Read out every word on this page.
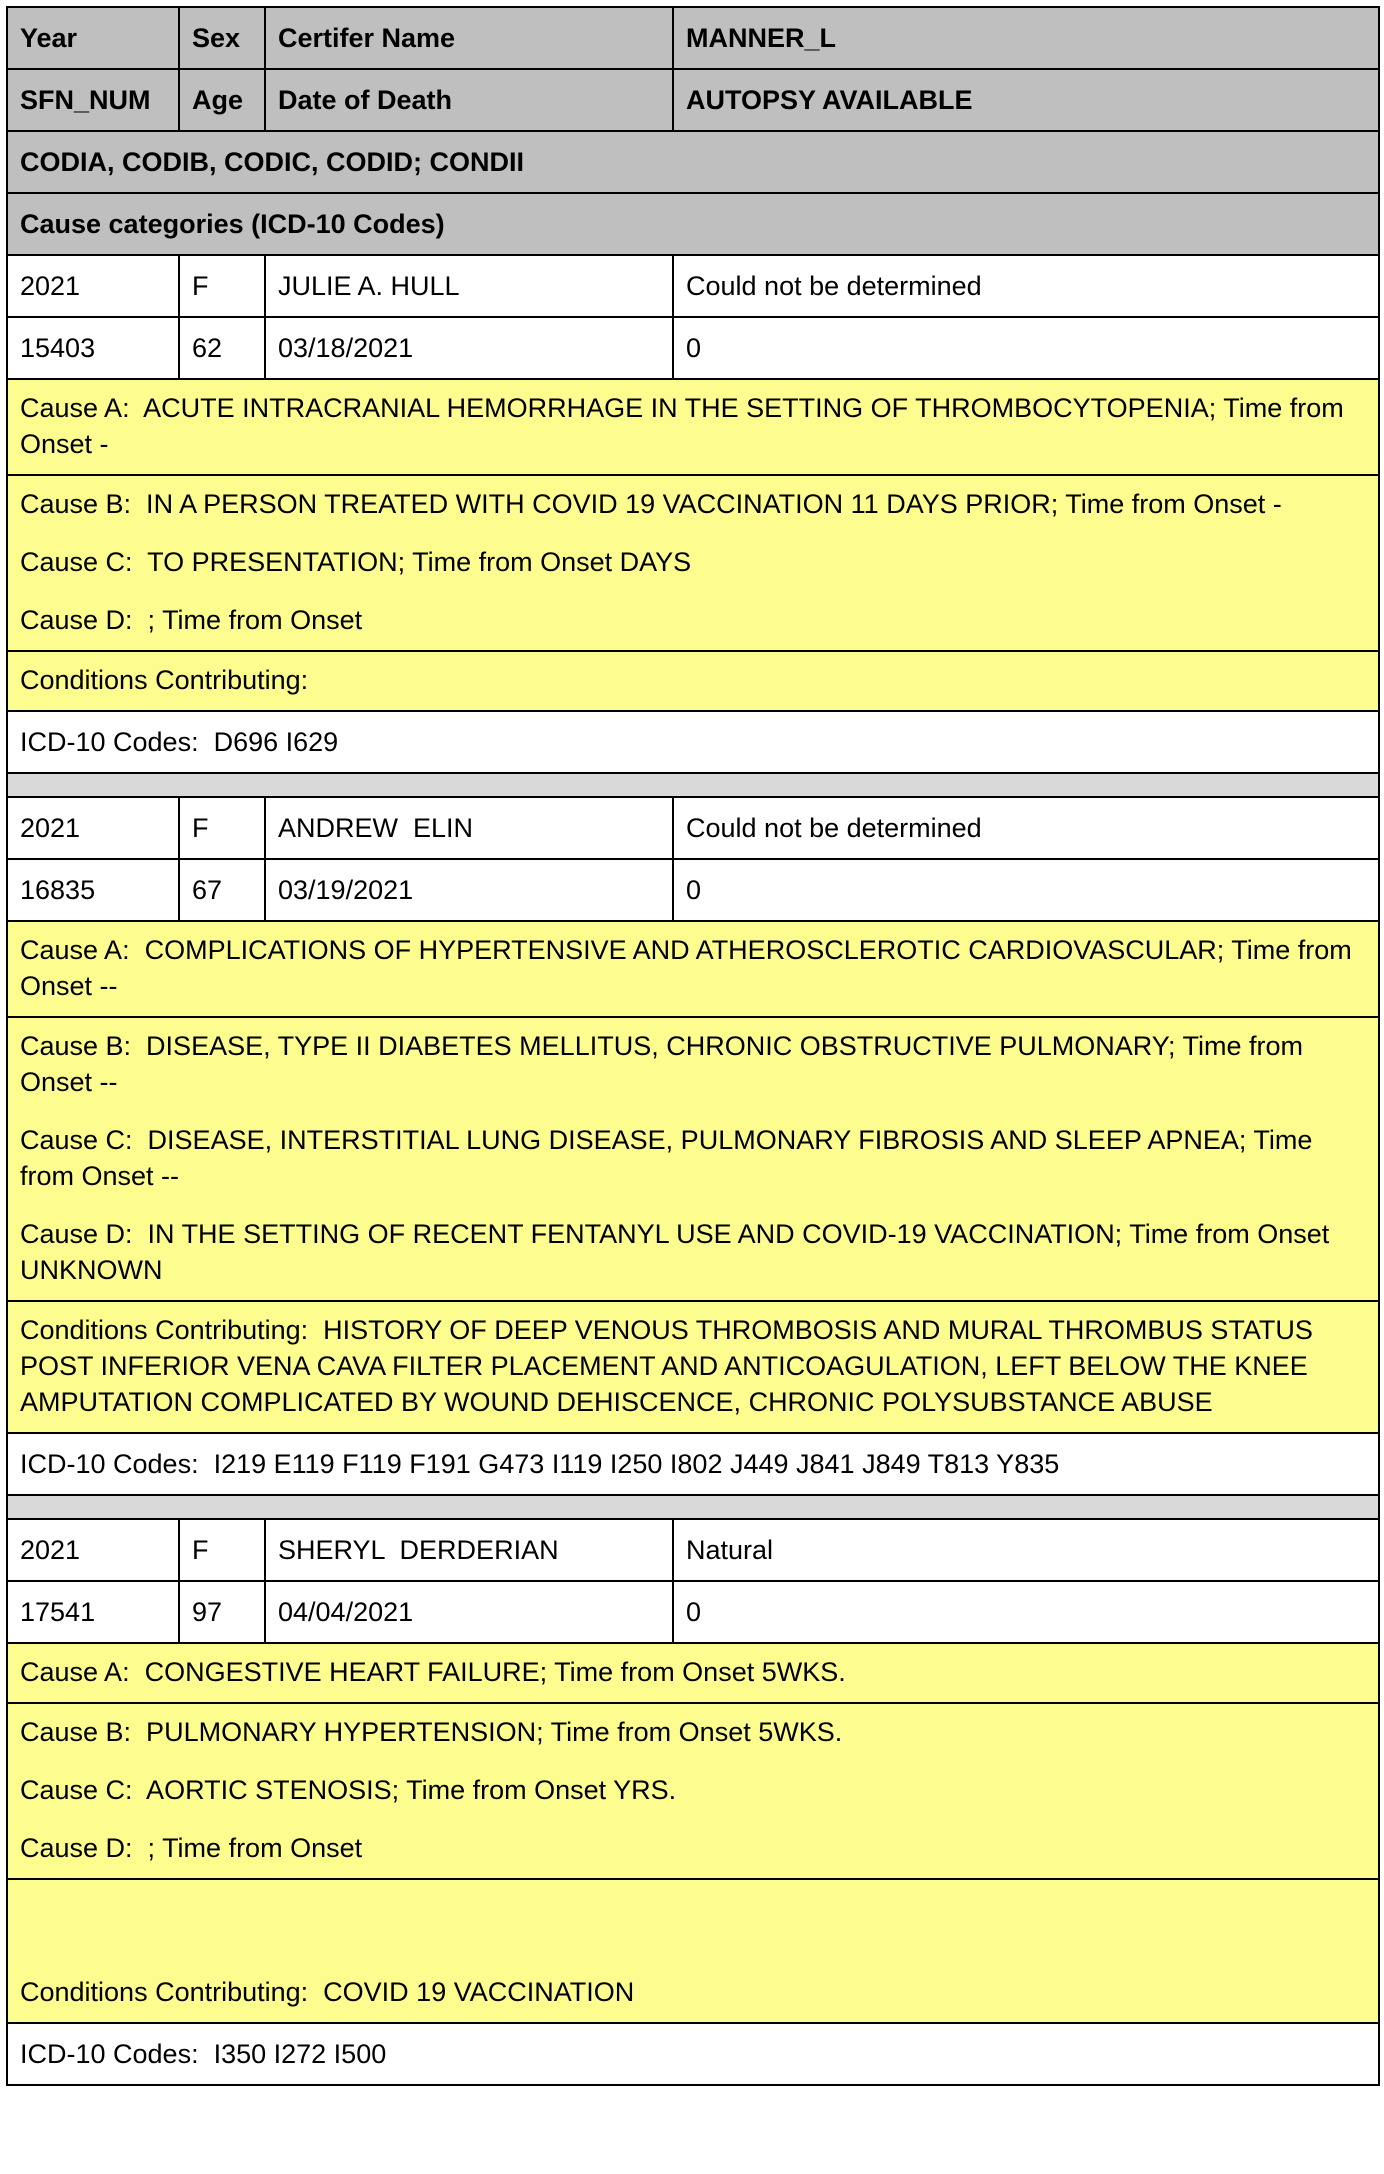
Year	Sex	Certifer Name	MANNER_L
SFN_NUM	Age	Date of Death	AUTOPSY AVAILABLE
CODIA, CODIB, CODIC, CODID; CONDII
Cause categories (ICD-10 Codes)
2021	F	JULIE A. HULL	Could not be determined
15403	62	03/18/2021	0

Cause A:  ACUTE INTRACRANIAL HEMORRHAGE IN THE SETTING OF THROMBOCYTOPENIA; Time from Onset -

Cause B:  IN A PERSON TREATED WITH COVID 19 VACCINATION 11 DAYS PRIOR; Time from Onset -

Cause C:  TO PRESENTATION; Time from Onset DAYS

Cause D:  ; Time from Onset

Conditions Contributing:

ICD-10 Codes:  D696 I629
2021	F	ANDREW  ELIN	Could not be determined
16835	67	03/19/2021	0

Cause A:  COMPLICATIONS OF HYPERTENSIVE AND ATHEROSCLEROTIC CARDIOVASCULAR; Time from Onset --

Cause B:  DISEASE, TYPE II DIABETES MELLITUS, CHRONIC OBSTRUCTIVE PULMONARY; Time from Onset --

Cause C:  DISEASE, INTERSTITIAL LUNG DISEASE, PULMONARY FIBROSIS AND SLEEP APNEA; Time from Onset --

Cause D:  IN THE SETTING OF RECENT FENTANYL USE AND COVID-19 VACCINATION; Time from Onset UNKNOWN

Conditions Contributing:  HISTORY OF DEEP VENOUS THROMBOSIS AND MURAL THROMBUS STATUS POST INFERIOR VENA CAVA FILTER PLACEMENT AND ANTICOAGULATION, LEFT BELOW THE KNEE AMPUTATION COMPLICATED BY WOUND DEHISCENCE, CHRONIC POLYSUBSTANCE ABUSE

ICD-10 Codes:  I219 E119 F119 F191 G473 I119 I250 I802 J449 J841 J849 T813 Y835
2021	F	SHERYL  DERDERIAN	Natural
17541	97	04/04/2021	0

Cause A:  CONGESTIVE HEART FAILURE; Time from Onset 5WKS.

Cause B:  PULMONARY HYPERTENSION; Time from Onset 5WKS.

Cause C:  AORTIC STENOSIS; Time from Onset YRS.

Cause D:  ; Time from Onset

Conditions Contributing:  COVID 19 VACCINATION

ICD-10 Codes:  I350 I272 I500
